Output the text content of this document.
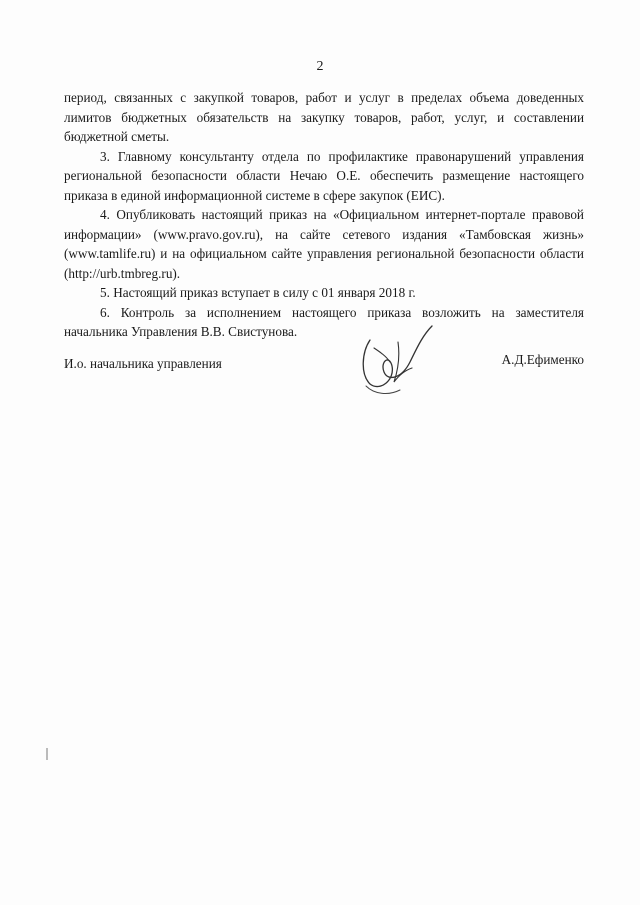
2

период, связанных с закупкой товаров, работ и услуг в пределах объема доведенных лимитов бюджетных обязательств на закупку товаров, работ, услуг, и составлении бюджетной сметы.

3. Главному консультанту отдела по профилактике правонарушений управления региональной безопасности области Нечаю О.Е. обеспечить размещение настоящего приказа в единой информационной системе в сфере закупок (ЕИС).

4. Опубликовать настоящий приказ на «Официальном интернет-портале правовой информации» (www.pravo.gov.ru), на сайте сетевого издания «Тамбовская жизнь» (www.tamlife.ru) и на официальном сайте управления региональной безопасности области (http://urb.tmbreg.ru).

5. Настоящий приказ вступает в силу с 01 января 2018 г.

6. Контроль за исполнением настоящего приказа возложить на заместителя начальника Управления В.В. Свистунова.

И.о. начальника управления	А.Д.Ефименко
